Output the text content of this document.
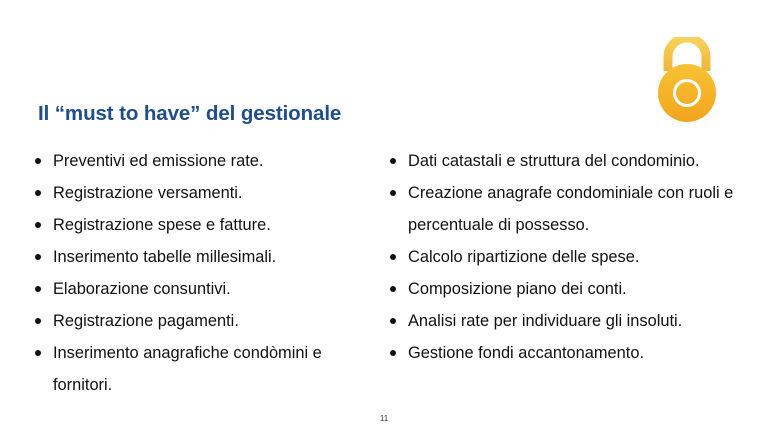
Il “must to have” del gestionale
Preventivi ed emissione rate.
Registrazione versamenti.
Registrazione spese e fatture.
Inserimento tabelle millesimali.
Elaborazione consuntivi.
Registrazione pagamenti.
Inserimento anagrafiche condòmini e fornitori.
Dati catastali e struttura del condominio.
Creazione anagrafe condominiale con ruoli e percentuale di possesso.
Calcolo ripartizione delle spese.
Composizione piano dei conti.
Analisi rate per individuare gli insoluti.
Gestione fondi accantonamento.
11
